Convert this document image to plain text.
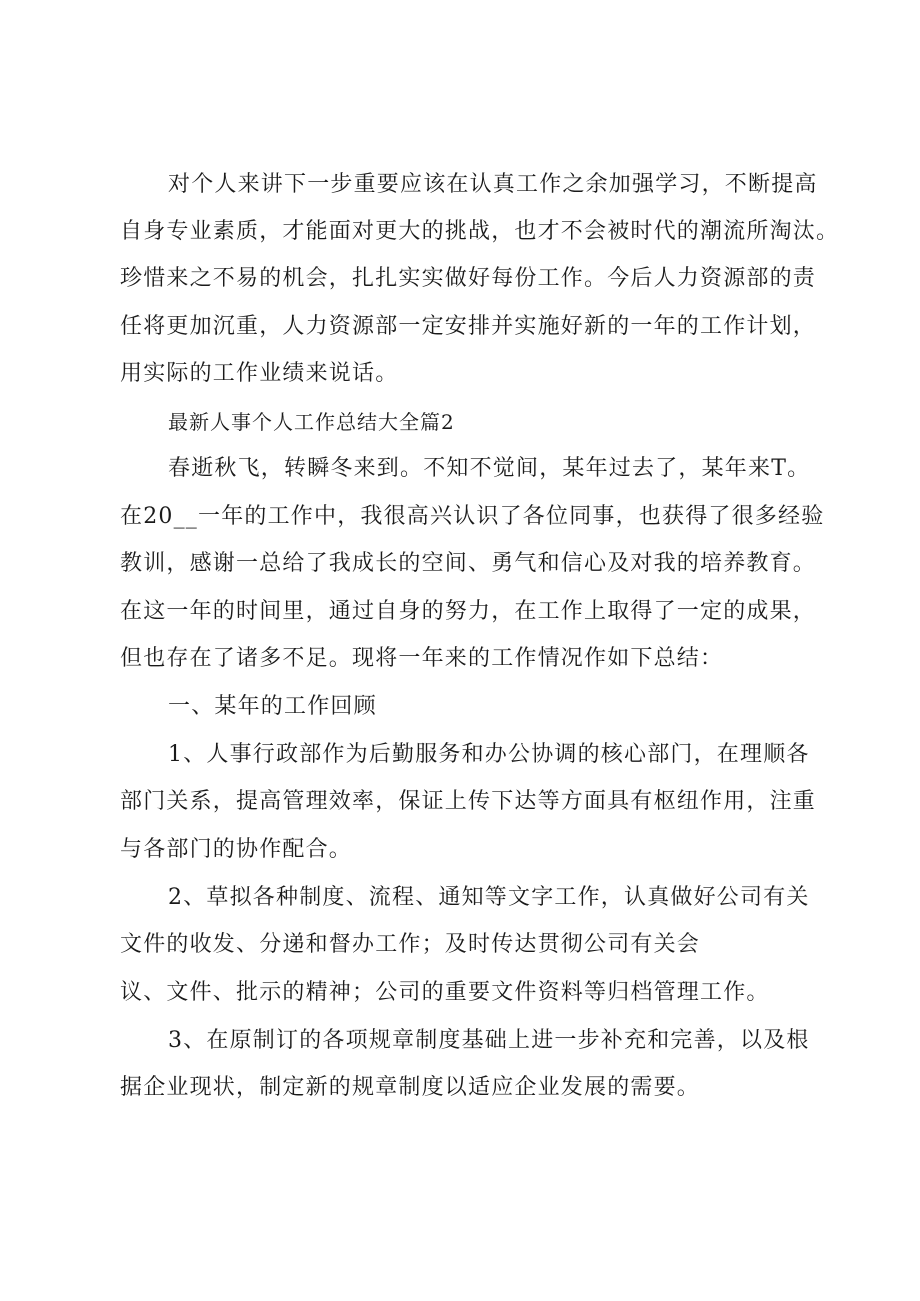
对个人来讲下一步重要应该在认真工作之余加强学习，不断提高
自身专业素质，才能面对更大的挑战，也才不会被时代的潮流所淘汰。
珍惜来之不易的机会，扎扎实实做好每份工作。今后人力资源部的责
任将更加沉重，人力资源部一定安排并实施好新的一年的工作计划，
用实际的工作业绩来说话。
最新人事个人工作总结大全篇2
春逝秋飞，转瞬冬来到。不知不觉间，某年过去了，某年来T。
在20__一年的工作中，我很高兴认识了各位同事，也获得了很多经验
教训，感谢一总给了我成长的空间、勇气和信心及对我的培养教育。
在这一年的时间里，通过自身的努力，在工作上取得了一定的成果，
但也存在了诸多不足。现将一年来的工作情况作如下总结：
一、某年的工作回顾
1、人事行政部作为后勤服务和办公协调的核心部门，在理顺各
部门关系，提高管理效率，保证上传下达等方面具有枢纽作用，注重
与各部门的协作配合。
2、草拟各种制度、流程、通知等文字工作，认真做好公司有关
文件的收发、分递和督办工作；及时传达贯彻公司有关会
议、文件、批示的精神；公司的重要文件资料等归档管理工作。
3、在原制订的各项规章制度基础上进一步补充和完善，以及根
据企业现状，制定新的规章制度以适应企业发展的需要。
